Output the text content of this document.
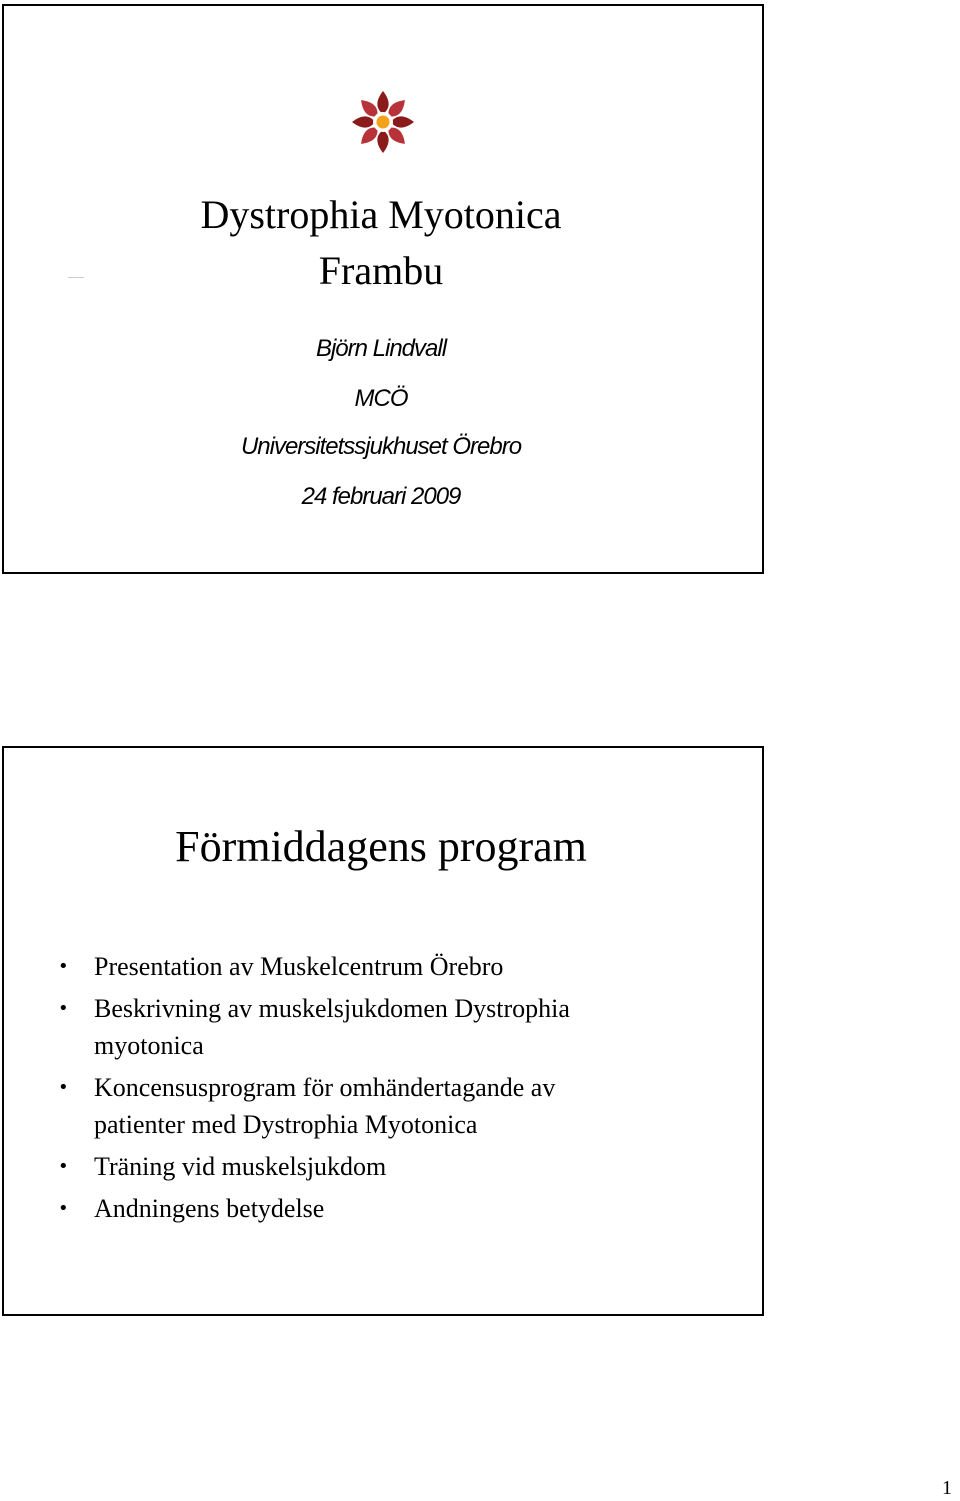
Dystrophia Myotonica
Frambu
Björn Lindvall
MCÖ
Universitetssjukhuset Örebro
24 februari 2009
Förmiddagens program
• Presentation av Muskelcentrum Örebro
• Beskrivning av muskelsjukdomen Dystrophia
myotonica
• Koncensusprogram för omhändertagande av
patienter med Dystrophia Myotonica
• Träning vid muskelsjukdom
• Andningens betydelse
1
